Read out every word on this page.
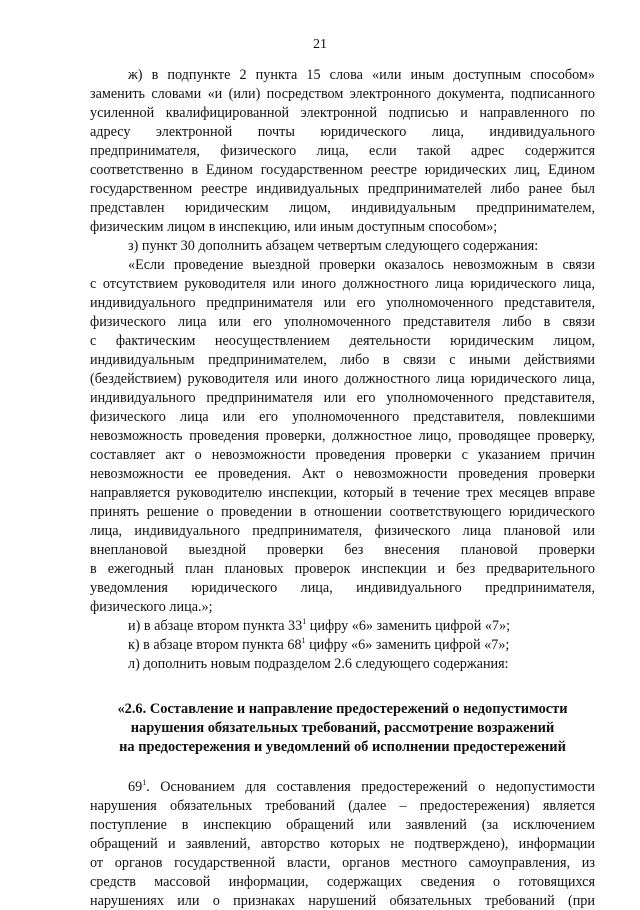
21
ж) в подпункте 2 пункта 15 слова «или иным доступным способом»
заменить словами «и (или) посредством электронного документа, подписанного
усиленной квалифицированной электронной подписью и направленного по
адресу электронной почты юридического лица, индивидуального
предпринимателя, физического лица, если такой адрес содержится
соответственно в Едином государственном реестре юридических лиц, Едином
государственном реестре индивидуальных предпринимателей либо ранее был
представлен юридическим лицом, индивидуальным предпринимателем,
физическим лицом в инспекцию, или иным доступным способом»;
з) пункт 30 дополнить абзацем четвертым следующего содержания:
«Если проведение выездной проверки оказалось невозможным в связи
с отсутствием руководителя или иного должностного лица юридического лица,
индивидуального предпринимателя или его уполномоченного представителя,
физического лица или его уполномоченного представителя либо в связи
с фактическим неосуществлением деятельности юридическим лицом,
индивидуальным предпринимателем, либо в связи с иными действиями
(бездействием) руководителя или иного должностного лица юридического лица,
индивидуального предпринимателя или его уполномоченного представителя,
физического лица или его уполномоченного представителя, повлекшими
невозможность проведения проверки, должностное лицо, проводящее проверку,
составляет акт о невозможности проведения проверки с указанием причин
невозможности ее проведения. Акт о невозможности проведения проверки
направляется руководителю инспекции, который в течение трех месяцев вправе
принять решение о проведении в отношении соответствующего юридического
лица, индивидуального предпринимателя, физического лица плановой или
внеплановой выездной проверки без внесения плановой проверки
в ежегодный план плановых проверок инспекции и без предварительного
уведомления юридического лица, индивидуального предпринимателя,
физического лица.»;
и) в абзаце втором пункта $33^1$ цифру «6» заменить цифрой «7»;
к) в абзаце втором пункта $68^1$ цифру «6» заменить цифрой «7»;
л) дополнить новым подразделом 2.6 следующего содержания:
«2.6. Составление и направление предостережений о недопустимости
нарушения обязательных требований, рассмотрение возражений
на предостережения и уведомлений об исполнении предостережений
$69^1$. Основанием для составления предостережений о недопустимости
нарушения обязательных требований (далее – предостережения) является
поступление в инспекцию обращений или заявлений (за исключением
обращений и заявлений, авторство которых не подтверждено), информации
от органов государственной власти, органов местного самоуправления, из
средств массовой информации, содержащих сведения о готовящихся
нарушениях или о признаках нарушений обязательных требований (при
